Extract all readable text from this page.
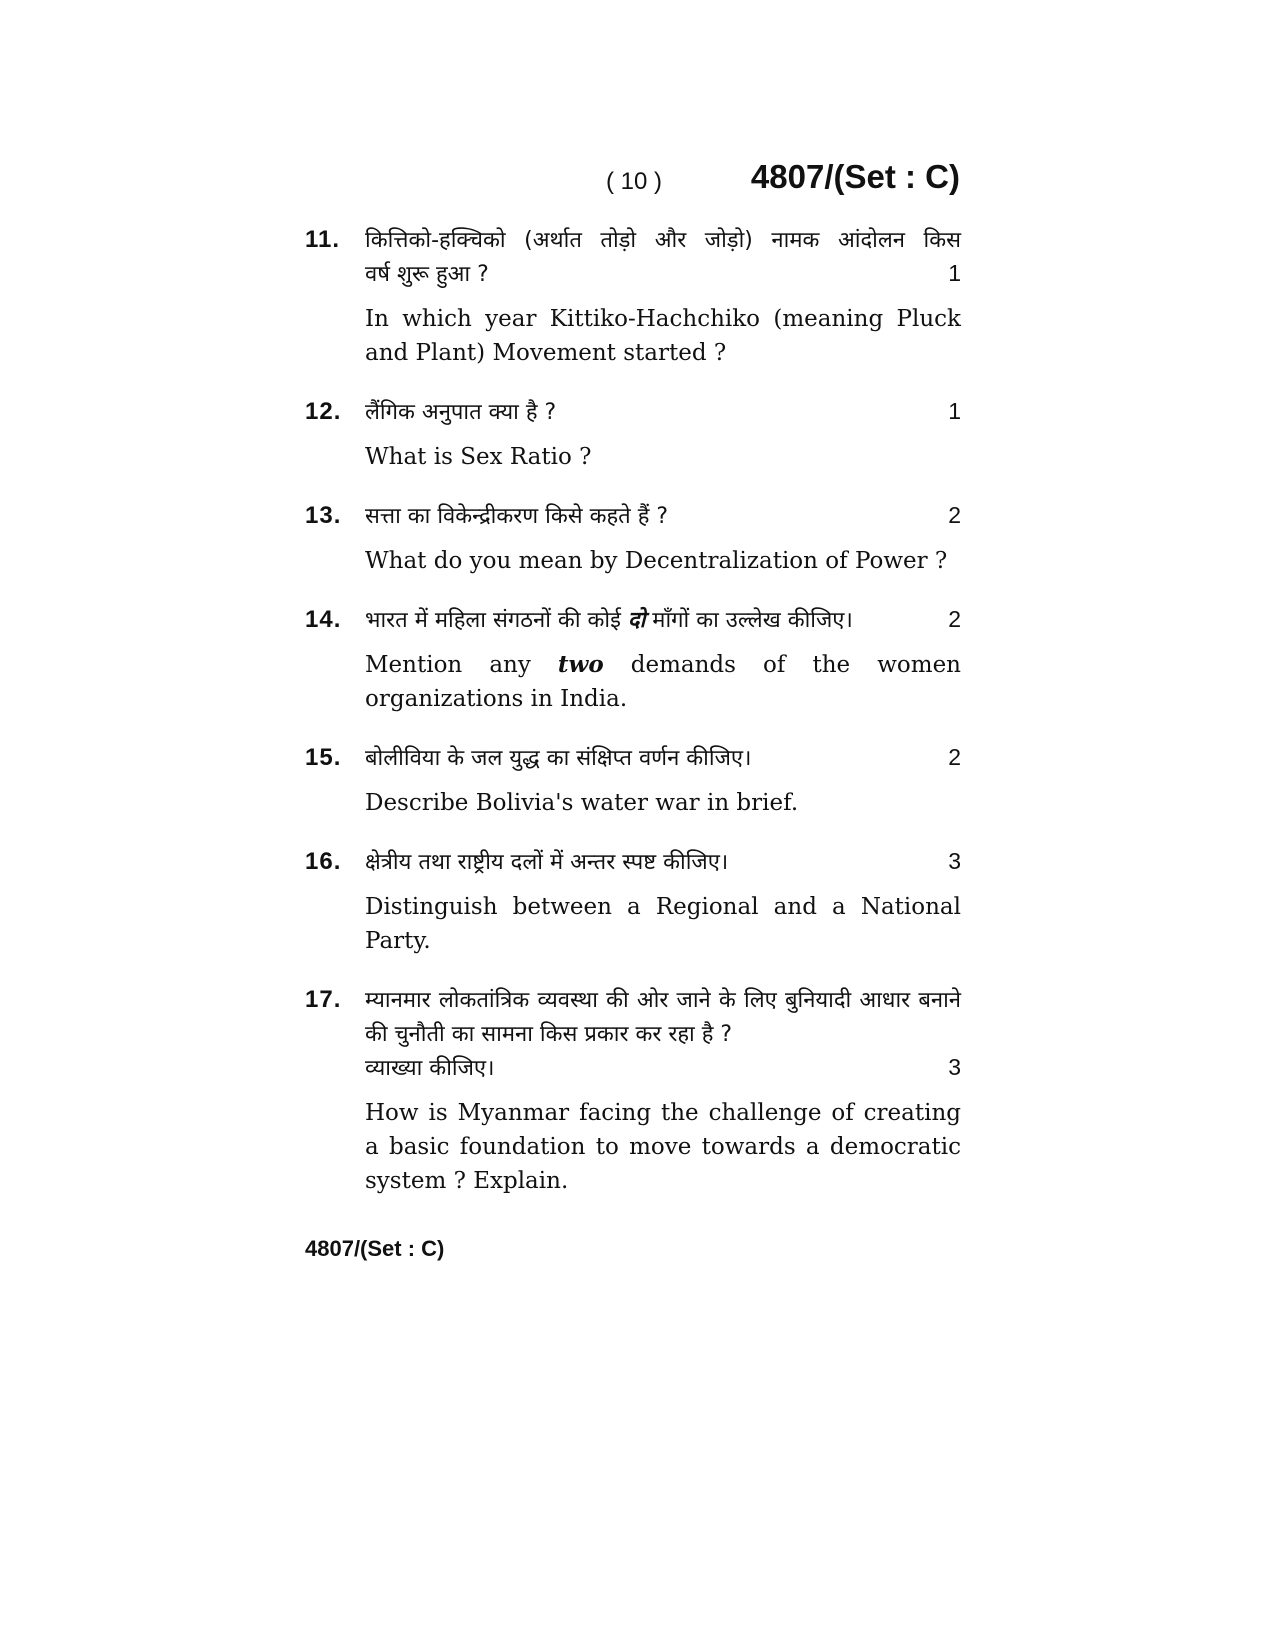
( 10 )	4807/(Set : C)
11. कित्तिको-हक्चिको (अर्थात तोड़ो और जोड़ो) नामक आंदोलन किस
वर्ष शुरू हुआ ?	1
In which year Kittiko-Hachchiko (meaning Pluck and Plant) Movement started ?
12. लैंगिक अनुपात क्या है ?	1
What is Sex Ratio ?
13. सत्ता का विकेन्द्रीकरण किसे कहते हैं ?	2
What do you mean by Decentralization of Power ?
14. भारत में महिला संगठनों की कोई दो माँगों का उल्लेख कीजिए।	2
Mention any two demands of the women
organizations in India.
15. बोलीविया के जल युद्ध का संक्षिप्त वर्णन कीजिए।	2
Describe Bolivia's water war in brief.
16. क्षेत्रीय तथा राष्ट्रीय दलों में अन्तर स्पष्ट कीजिए।	3
Distinguish between a Regional and a National Party.
17. म्यानमार लोकतांत्रिक व्यवस्था की ओर जाने के लिए बुनियादी आधार बनाने की चुनौती का सामना किस प्रकार कर रहा है ?
व्याख्या कीजिए।	3
How is Myanmar facing the challenge of creating a basic foundation to move towards a democratic system ? Explain.
4807/(Set : C)
